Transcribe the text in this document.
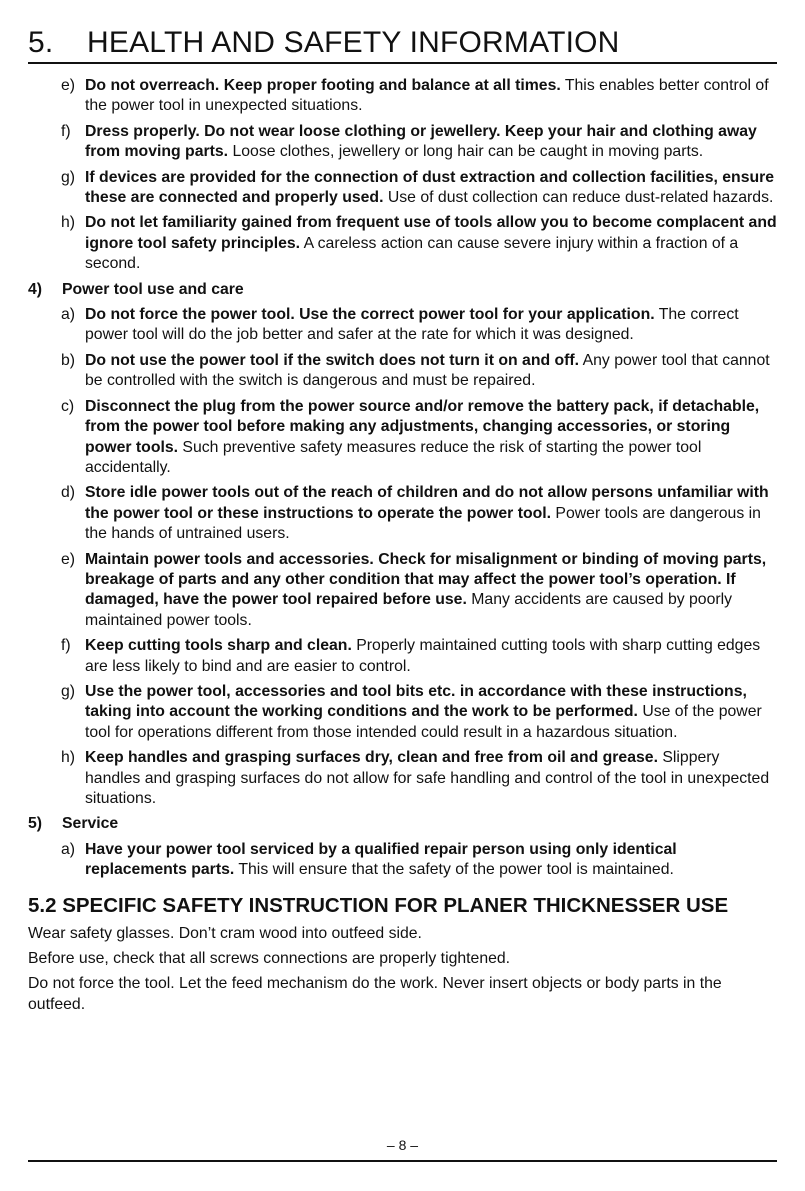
5. HEALTH AND SAFETY INFORMATION
e) Do not overreach. Keep proper footing and balance at all times. This enables better control of the power tool in unexpected situations.
f) Dress properly. Do not wear loose clothing or jewellery. Keep your hair and clothing away from moving parts. Loose clothes, jewellery or long hair can be caught in moving parts.
g) If devices are provided for the connection of dust extraction and collection facilities, ensure these are connected and properly used. Use of dust collection can reduce dust-related hazards.
h) Do not let familiarity gained from frequent use of tools allow you to become complacent and ignore tool safety principles. A careless action can cause severe injury within a fraction of a second.
4) Power tool use and care
a) Do not force the power tool. Use the correct power tool for your application. The correct power tool will do the job better and safer at the rate for which it was designed.
b) Do not use the power tool if the switch does not turn it on and off. Any power tool that cannot be controlled with the switch is dangerous and must be repaired.
c) Disconnect the plug from the power source and/or remove the battery pack, if detachable, from the power tool before making any adjustments, changing accessories, or storing power tools. Such preventive safety measures reduce the risk of starting the power tool accidentally.
d) Store idle power tools out of the reach of children and do not allow persons unfamiliar with the power tool or these instructions to operate the power tool. Power tools are dangerous in the hands of untrained users.
e) Maintain power tools and accessories. Check for misalignment or binding of moving parts, breakage of parts and any other condition that may affect the power tool’s operation. If damaged, have the power tool repaired before use. Many accidents are caused by poorly maintained power tools.
f) Keep cutting tools sharp and clean. Properly maintained cutting tools with sharp cutting edges are less likely to bind and are easier to control.
g) Use the power tool, accessories and tool bits etc. in accordance with these instructions, taking into account the working conditions and the work to be performed. Use of the power tool for operations different from those intended could result in a hazardous situation.
h) Keep handles and grasping surfaces dry, clean and free from oil and grease. Slippery handles and grasping surfaces do not allow for safe handling and control of the tool in unexpected situations.
5) Service
a) Have your power tool serviced by a qualified repair person using only identical replacements parts. This will ensure that the safety of the power tool is maintained.
5.2 SPECIFIC SAFETY INSTRUCTION FOR PLANER THICKNESSER USE
Wear safety glasses. Don’t cram wood into outfeed side.
Before use, check that all screws connections are properly tightened.
Do not force the tool. Let the feed mechanism do the work. Never insert objects or body parts in the outfeed.
– 8 –
